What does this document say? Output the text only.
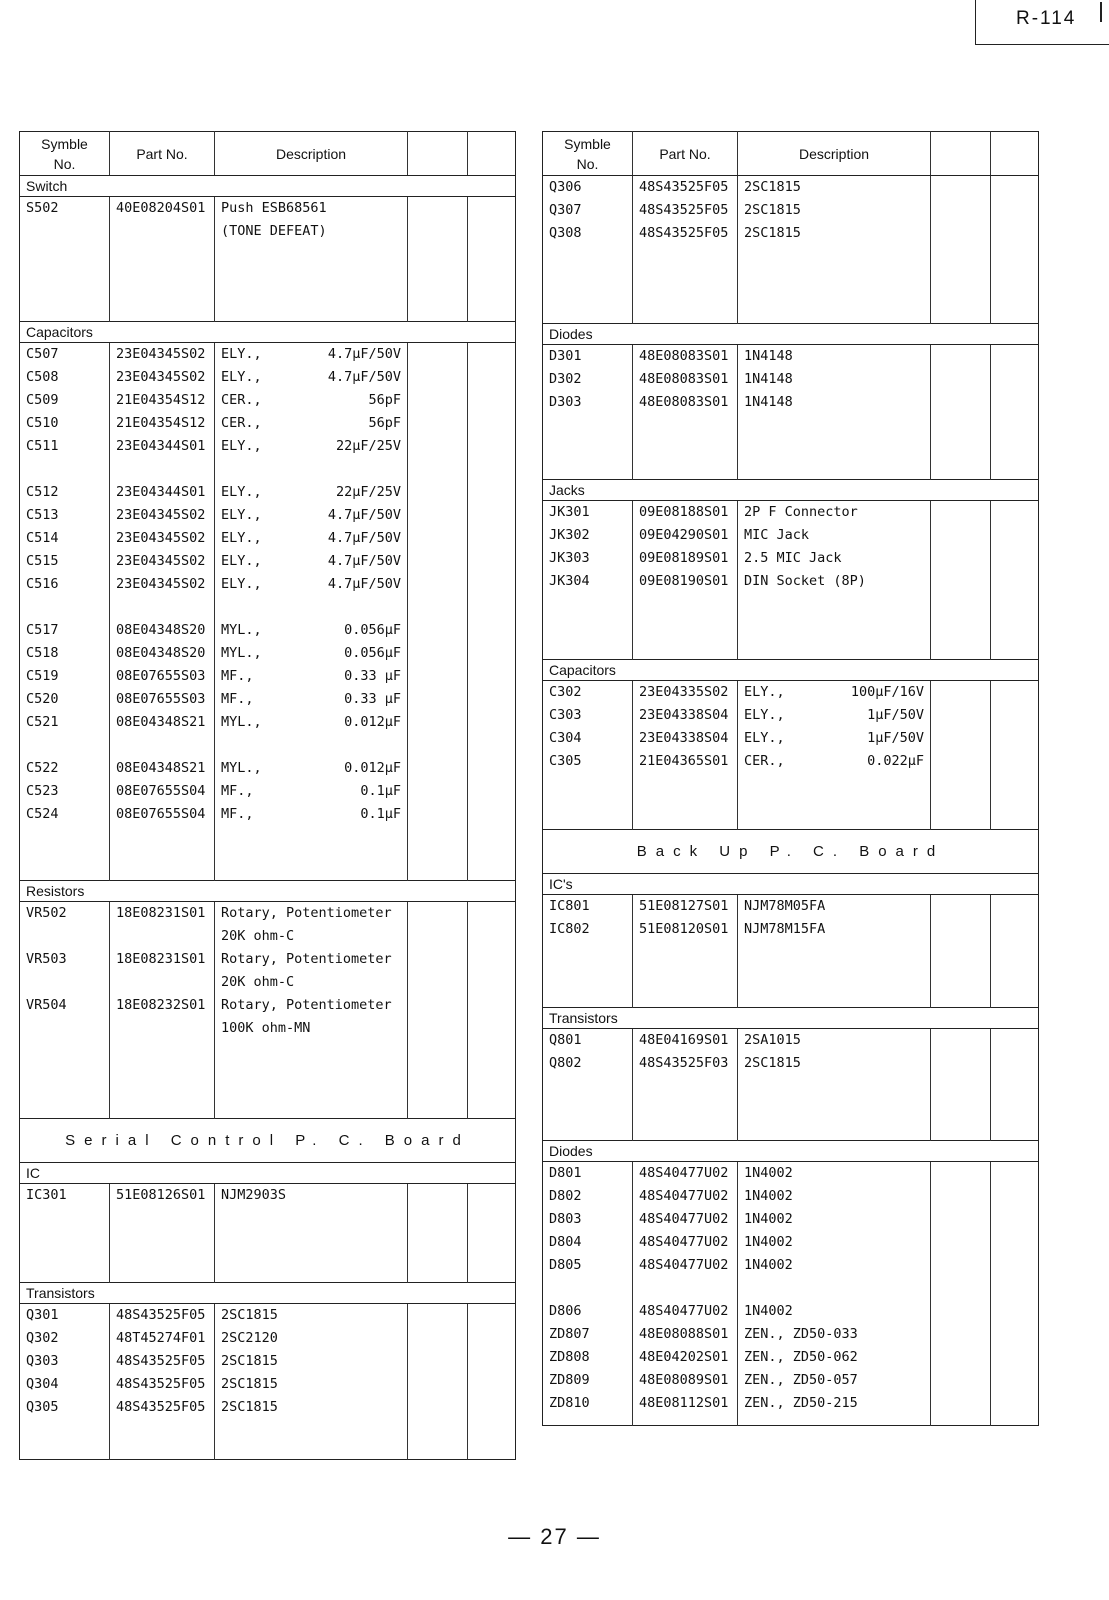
R-114
Symble
No.	Part No.	Description		
Switch				
S502	40E08204S01	Push ESB68561		

		(TONE DEFEAT)		

Capacitors				
C507	23E04345S02	ELY., 4.7μF/50V		

C508	23E04345S02	ELY., 4.7μF/50V		

C509	21E04354S12	CER., 56pF		

C510	21E04354S12	CER., 56pF		

C511	23E04344S01	ELY., 22μF/25V		

C512	23E04344S01	ELY., 22μF/25V		

C513	23E04345S02	ELY., 4.7μF/50V		

C514	23E04345S02	ELY., 4.7μF/50V		

C515	23E04345S02	ELY., 4.7μF/50V		

C516	23E04345S02	ELY., 4.7μF/50V		

C517	08E04348S20	MYL., 0.056μF		

C518	08E04348S20	MYL., 0.056μF		

C519	08E07655S03	MF., 0.33 μF		

C520	08E07655S03	MF., 0.33 μF		

C521	08E04348S21	MYL., 0.012μF		

C522	08E04348S21	MYL., 0.012μF		

C523	08E07655S04	MF., 0.1μF		

C524	08E07655S04	MF., 0.1μF		

Resistors				
VR502	18E08231S01	Rotary, Potentiometer		

		20K ohm-C		

VR503	18E08231S01	Rotary, Potentiometer		

		20K ohm-C		

VR504	18E08232S01	Rotary, Potentiometer		

		100K ohm-MN		

Serial Control P. C. Board				
IC				
IC301	51E08126S01	NJM2903S		

Transistors				
Q301	48S43525F05	2SC1815		

Q302	48T45274F01	2SC2120		

Q303	48S43525F05	2SC1815		

Q304	48S43525F05	2SC1815		

Q305	48S43525F05	2SC1815		

Symble
No.	Part No.	Description		
Q306	48S43525F05	2SC1815		

Q307	48S43525F05	2SC1815		

Q308	48S43525F05	2SC1815		

Diodes				
D301	48E08083S01	1N4148		

D302	48E08083S01	1N4148		

D303	48E08083S01	1N4148		

Jacks				
JK301	09E08188S01	2P F Connector		

JK302	09E04290S01	MIC Jack		

JK303	09E08189S01	2.5 MIC Jack		

JK304	09E08190S01	DIN Socket (8P)		

Capacitors				
C302	23E04335S02	ELY., 100μF/16V		

C303	23E04338S04	ELY., 1μF/50V		

C304	23E04338S04	ELY., 1μF/50V		

C305	21E04365S01	CER., 0.022μF		

Back Up P. C. Board				
IC's				
IC801	51E08127S01	NJM78M05FA		

IC802	51E08120S01	NJM78M15FA		

Transistors				
Q801	48E04169S01	2SA1015		

Q802	48S43525F03	2SC1815		

Diodes				
D801	48S40477U02	1N4002		

D802	48S40477U02	1N4002		

D803	48S40477U02	1N4002		

D804	48S40477U02	1N4002		

D805	48S40477U02	1N4002		

D806	48S40477U02	1N4002		

ZD807	48E08088S01	ZEN., ZD50-033		

ZD808	48E04202S01	ZEN., ZD50-062		

ZD809	48E08089S01	ZEN., ZD50-057		

ZD810	48E08112S01	ZEN., ZD50-215		

— 27 —
